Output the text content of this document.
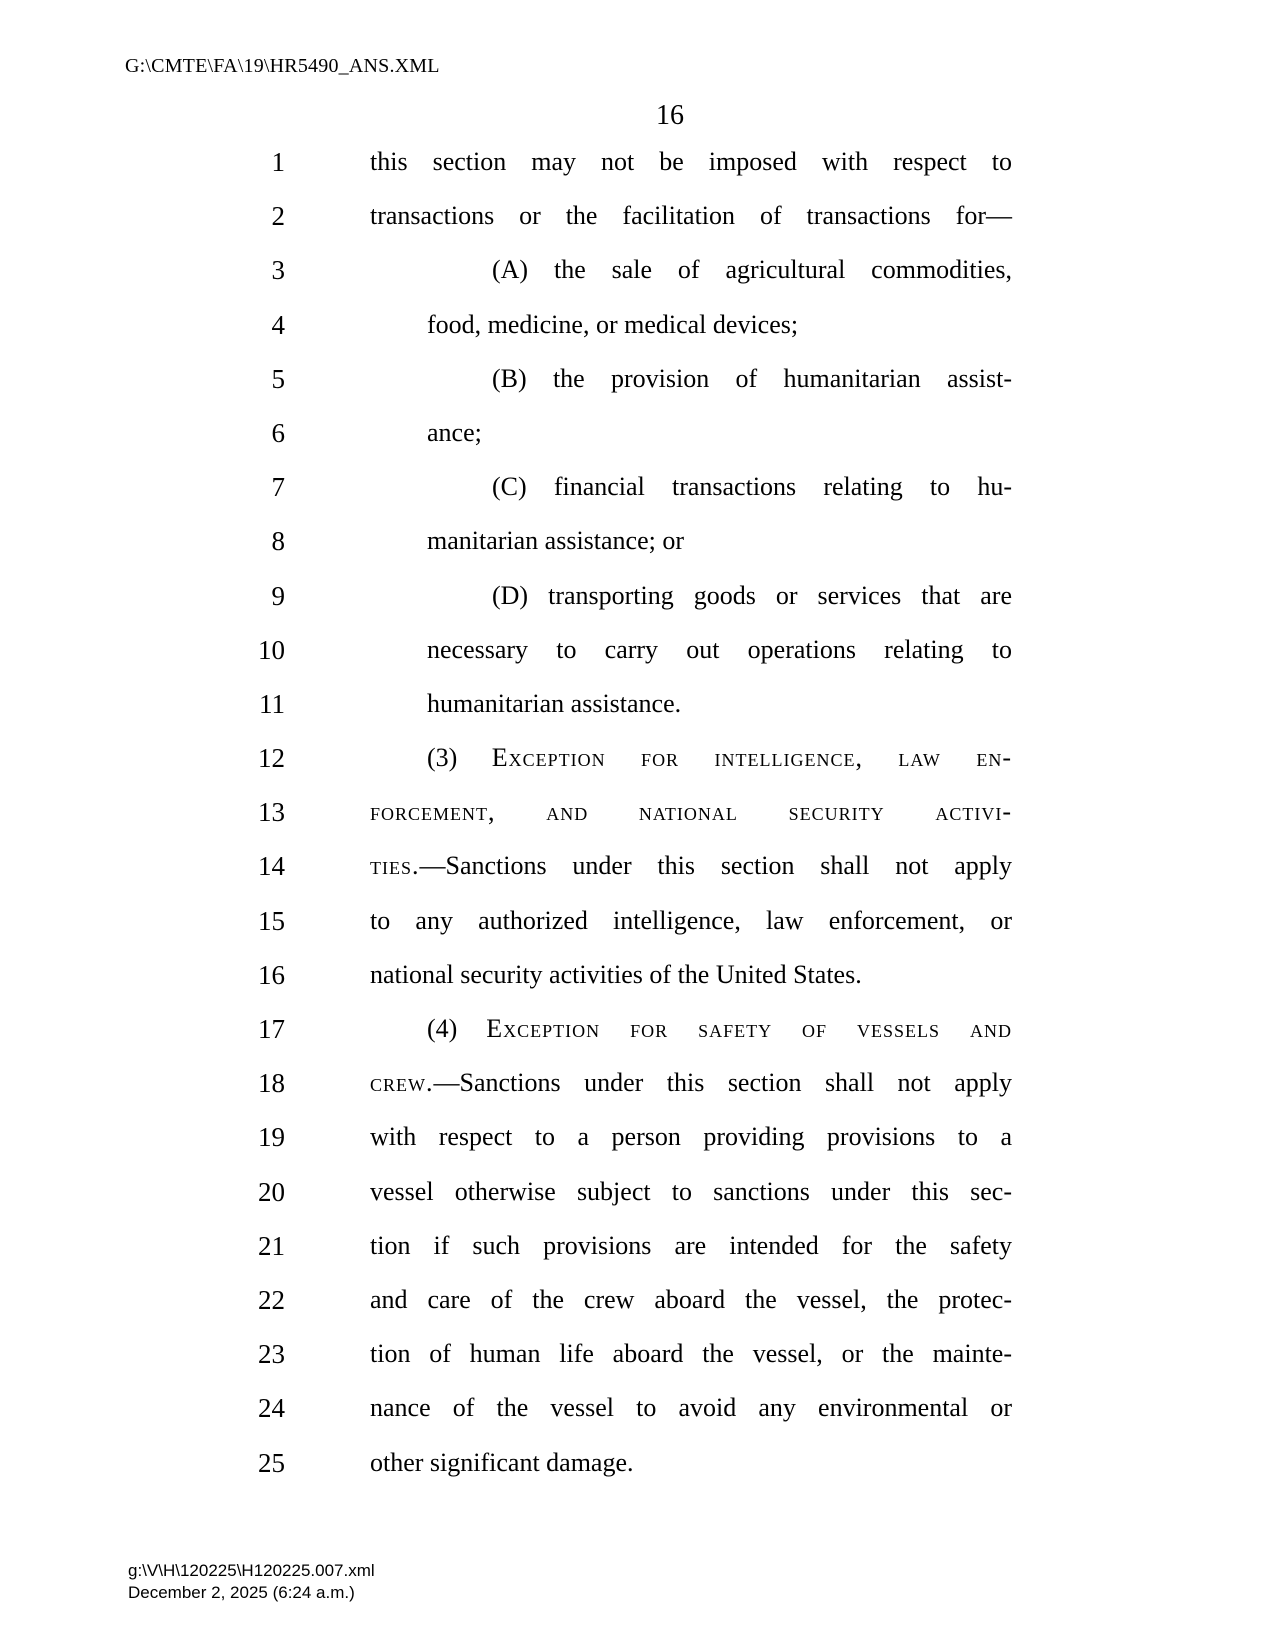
G:\CMTE\FA\19\HR5490_ANS.XML
16
1	this section may not be imposed with respect to
2	transactions or the facilitation of transactions for—
3	(A) the sale of agricultural commodities,
4	food, medicine, or medical devices;
5	(B) the provision of humanitarian assist-
6	ance;
7	(C) financial transactions relating to hu-
8	manitarian assistance; or
9	(D) transporting goods or services that are
10	necessary to carry out operations relating to
11	humanitarian assistance.
12	(3) Exception for intelligence, law en-
13	forcement, and national security activi-
14	ties.—Sanctions under this section shall not apply
15	to any authorized intelligence, law enforcement, or
16	national security activities of the United States.
17	(4) Exception for safety of vessels and
18	crew.—Sanctions under this section shall not apply
19	with respect to a person providing provisions to a
20	vessel otherwise subject to sanctions under this sec-
21	tion if such provisions are intended for the safety
22	and care of the crew aboard the vessel, the protec-
23	tion of human life aboard the vessel, or the mainte-
24	nance of the vessel to avoid any environmental or
25	other significant damage.
g:\V\H\120225\H120225.007.xml
December 2, 2025 (6:24 a.m.)
